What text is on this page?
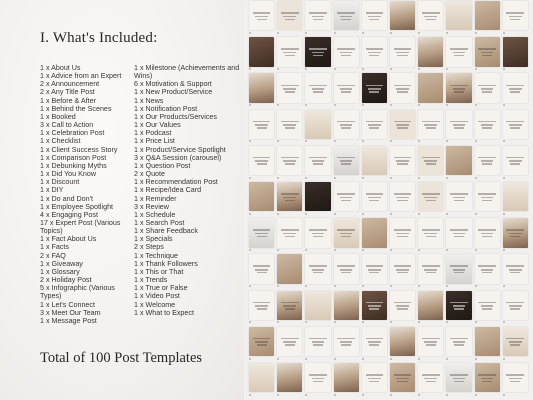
I. What's Included:
1 x About Us
1 x Advice from an Expert
2 x Announcement
2 x Any Title Post
1 x Before & After
1 x Behind the Scenes
1 x Booked
3 x Call to Action
1 x Celebration Post
1 x Checklist
1 x Client Success Story
1 x Comparison Post
1 x Debunking Myths
1 x Did You Know
1 x Discount
1 x DIY
1 x Do and Don't
1 x Employee Spotlight
4 x Engaging Post
17 x Expert Post (Various Topics)
1 x Fact About Us
1 x Facts
2 x FAQ
1 x Giveaway
1 x Glossary
2 x Holiday Post
5 x Infographic (Various Types)
1 x Let's Connect
3 x Meet Our Team
1 x Message Post
1 x Milestone (Achievements and Wins)
6 x Motivation & Support
1 x New Product/Service
1 x News
1 x Notification Post
1 x Our Products/Services
1 x Our Values
1 x Podcast
1 x Price List
1 x Product/Service Spotlight
3 x Q&A Session (carousel)
1 x Question Post
2 x Quote
1 x Recommendation Post
1 x Recipe/Idea Card
1 x Reminder
3 x Review
1 x Schedule
1 x Search Post
1 x Share Feedback
1 x Specials
2 x Steps
1 x Technique
1 x Thank Followers
1 x This or That
1 x Trends
1 x True or False
1 x Video Post
1 x Welcome
1 x What to Expect
Total of 100 Post Templates
